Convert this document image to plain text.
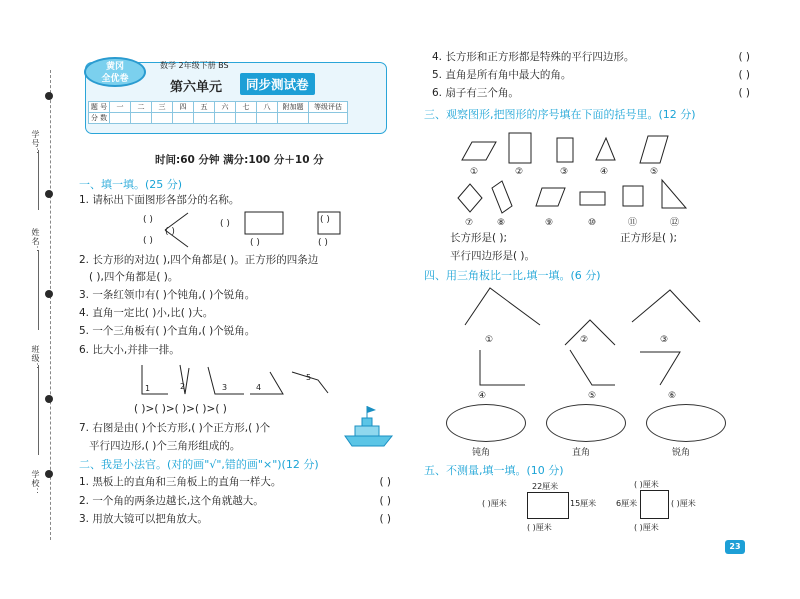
学号：
姓名：
班级：
学校：
黄冈
全优卷
数学 2年级下册 BS
第六单元	同步测试卷
题 号	一	二	三	四	五	六	七	八	附加题	等级评估
分 数										
时间:60 分钟 满分:100 分＋10 分
一、填一填。(25 分)
1. 请标出下面图形各部分的名称。
( )
( )
( )
( )
( )
( )
( )
2. 长方形的对边( ),四个角都是( )。正方形的四条边
( ),四个角都是( )。
3. 一条红领巾有( )个钝角,( )个锐角。
4. 直角一定比( )小,比( )大。
5. 一个三角板有( )个直角,( )个锐角。
6. 比大小,并排一排。
1	2	3	4
5
( )>( )>( )>( )>( )
7. 右图是由( )个长方形,( )个正方形,( )个
平行四边形,( )个三角形组成的。
二、我是小法官。(对的画"√",错的画"×")(12 分)
1. 黑板上的直角和三角板上的直角一样大。	( )
2. 一个角的两条边越长,这个角就越大。	( )
3. 用放大镜可以把角放大。	( )
4. 长方形和正方形都是特殊的平行四边形。	( )
5. 直角是所有角中最大的角。	( )
6. 扇子有三个角。	( )
三、观察图形,把图形的序号填在下面的括号里。(12 分)
①	②	③	④	⑤
⑦	⑧	⑨	⑩	⑪	⑫
长方形是( );	正方形是( );
平行四边形是( )。
四、用三角板比一比,填一填。(6 分)
①	②	③
④	⑤	⑥
钝角	直角	锐角
五、不测量,填一填。(10 分)
22厘米
15厘米
( )厘米
( )厘米
6厘米
( )厘米
( )厘米
( )厘米
23
